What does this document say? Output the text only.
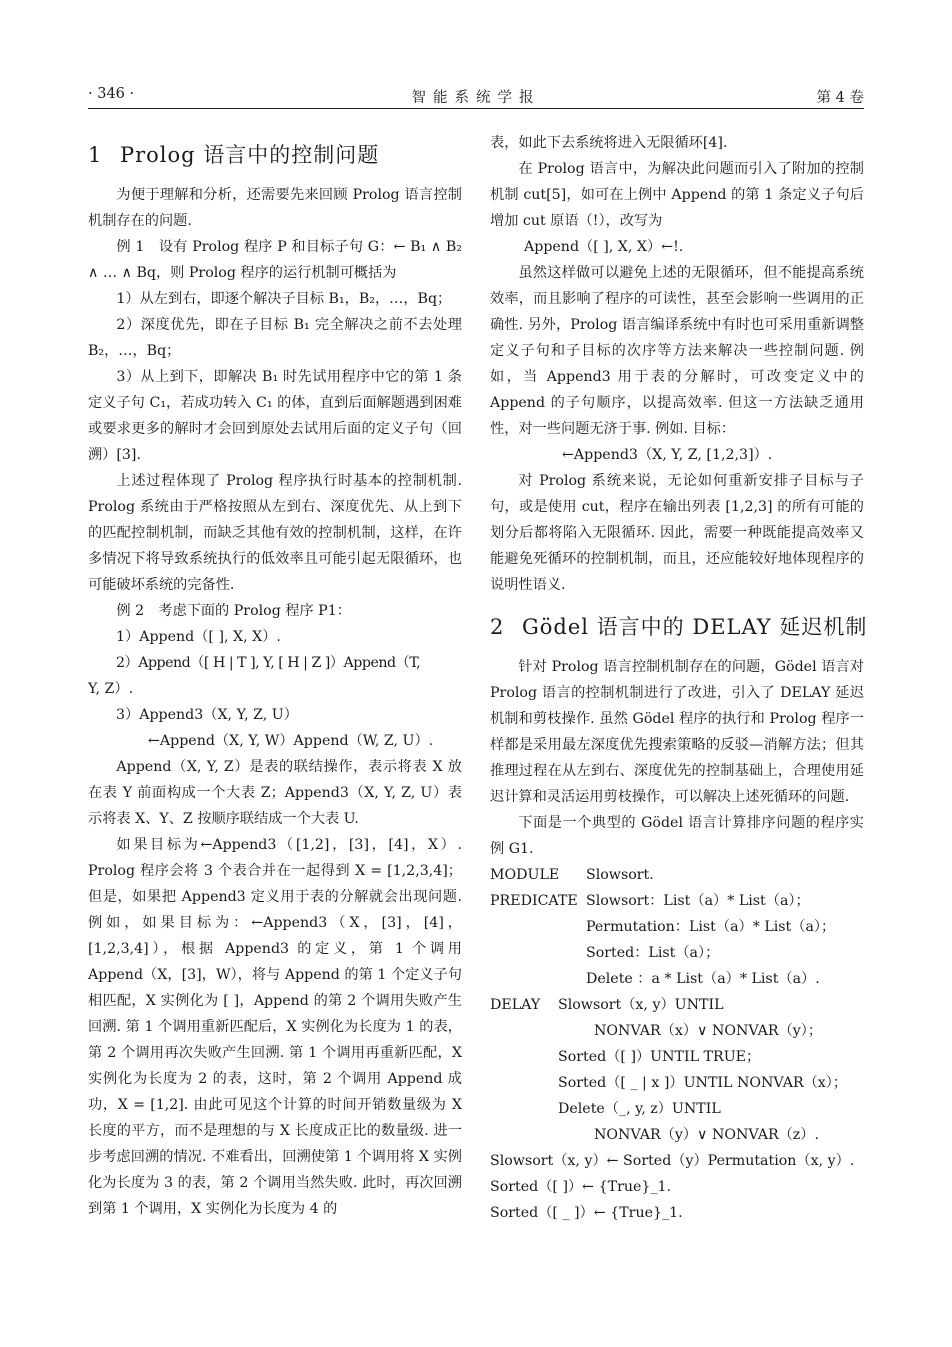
· 346 ·	智能系统学报	第 4 卷
1 Prolog 语言中的控制问题
为便于理解和分析，还需要先来回顾 Prolog 语言控制机制存在的问题.
例 1　设有 Prolog 程序 P 和目标子句 G：← B₁ ∧ B₂ ∧ … ∧ Bq，则 Prolog 程序的运行机制可概括为
1）从左到右，即逐个解决子目标 B₁，B₂，…，Bq；
2）深度优先，即在子目标 B₁ 完全解决之前不去处理 B₂，…，Bq；
3）从上到下，即解决 B₁ 时先试用程序中它的第 1 条定义子句 C₁，若成功转入 C₁ 的体，直到后面解题遇到困难或要求更多的解时才会回到原处去试用后面的定义子句（回溯）[3].
上述过程体现了 Prolog 程序执行时基本的控制机制. Prolog 系统由于严格按照从左到右、深度优先、从上到下的匹配控制机制，而缺乏其他有效的控制机制，这样，在许多情况下将导致系统执行的低效率且可能引起无限循环，也可能破坏系统的完备性.
例 2　考虑下面的 Prolog 程序 P1：
1）Append（[ ], X, X）.
2）Append（[ H | T ], Y, [ H | Z ]）Append（T,
Y, Z）.
3）Append3（X, Y, Z, U）
←Append（X, Y, W）Append（W, Z, U）.
Append（X, Y, Z）是表的联结操作，表示将表 X 放在表 Y 前面构成一个大表 Z；Append3（X, Y, Z, U）表示将表 X、Y、Z 按顺序联结成一个大表 U.
如果目标为←Append3（[1,2]，[3]，[4]，X）. Prolog 程序会将 3 个表合并在一起得到 X = [1,2,3,4]；但是，如果把 Append3 定义用于表的分解就会出现问题. 例如，如果目标为：←Append3（X，[3]，[4]，[1,2,3,4]），根据 Append3 的定义，第 1 个调用 Append（X，[3]，W），将与 Append 的第 1 个定义子句相匹配，X 实例化为 [ ]，Append 的第 2 个调用失败产生回溯. 第 1 个调用重新匹配后，X 实例化为长度为 1 的表，第 2 个调用再次失败产生回溯. 第 1 个调用再重新匹配，X 实例化为长度为 2 的表，这时，第 2 个调用 Append 成功，X = [1,2]. 由此可见这个计算的时间开销数量级为 X 长度的平方，而不是理想的与 X 长度成正比的数量级. 进一步考虑回溯的情况. 不难看出，回溯使第 1 个调用将 X 实例化为长度为 3 的表，第 2 个调用当然失败. 此时，再次回溯到第 1 个调用，X 实例化为长度为 4 的
表，如此下去系统将进入无限循环[4].
在 Prolog 语言中，为解决此问题而引入了附加的控制机制 cut[5]，如可在上例中 Append 的第 1 条定义子句后增加 cut 原语（!），改写为
Append（[ ], X, X）←!.
虽然这样做可以避免上述的无限循环，但不能提高系统效率，而且影响了程序的可读性，甚至会影响一些调用的正确性. 另外，Prolog 语言编译系统中有时也可采用重新调整定义子句和子目标的次序等方法来解决一些控制问题. 例如，当 Append3 用于表的分解时，可改变定义中的 Append 的子句顺序，以提高效率. 但这一方法缺乏通用性，对一些问题无济于事. 例如. 目标：
←Append3（X, Y, Z, [1,2,3]）.
对 Prolog 系统来说，无论如何重新安排子目标与子句，或是使用 cut，程序在输出列表 [1,2,3] 的所有可能的划分后都将陷入无限循环. 因此，需要一种既能提高效率又能避免死循环的控制机制，而且，还应能较好地体现程序的说明性语义.
2 Gödel 语言中的 DELAY 延迟机制
针对 Prolog 语言控制机制存在的问题，Gödel 语言对 Prolog 语言的控制机制进行了改进，引入了 DELAY 延迟机制和剪枝操作. 虽然 Gödel 程序的执行和 Prolog 程序一样都是采用最左深度优先搜索策略的反驳—消解方法；但其推理过程在从左到右、深度优先的控制基础上，合理使用延迟计算和灵活运用剪枝操作，可以解决上述死循环的问题.
下面是一个典型的 Gödel 语言计算排序问题的程序实例 G1.
MODULE Slowsort.
PREDICATE Slowsort：List（a）* List（a）；
Permutation：List（a）* List（a）；
Sorted：List（a）；
Delete ：a * List（a）* List（a）.
DELAY Slowsort（x, y）UNTIL
NONVAR（x）∨ NONVAR（y）；
Sorted（[ ]）UNTIL TRUE；
Sorted（[ _ | x ]）UNTIL NONVAR（x）；
Delete（_, y, z）UNTIL
NONVAR（y）∨ NONVAR（z）.
Slowsort（x, y）← Sorted（y）Permutation（x, y）.
Sorted（[ ]）← {True}_1.
Sorted（[ _ ]）← {True}_1.
